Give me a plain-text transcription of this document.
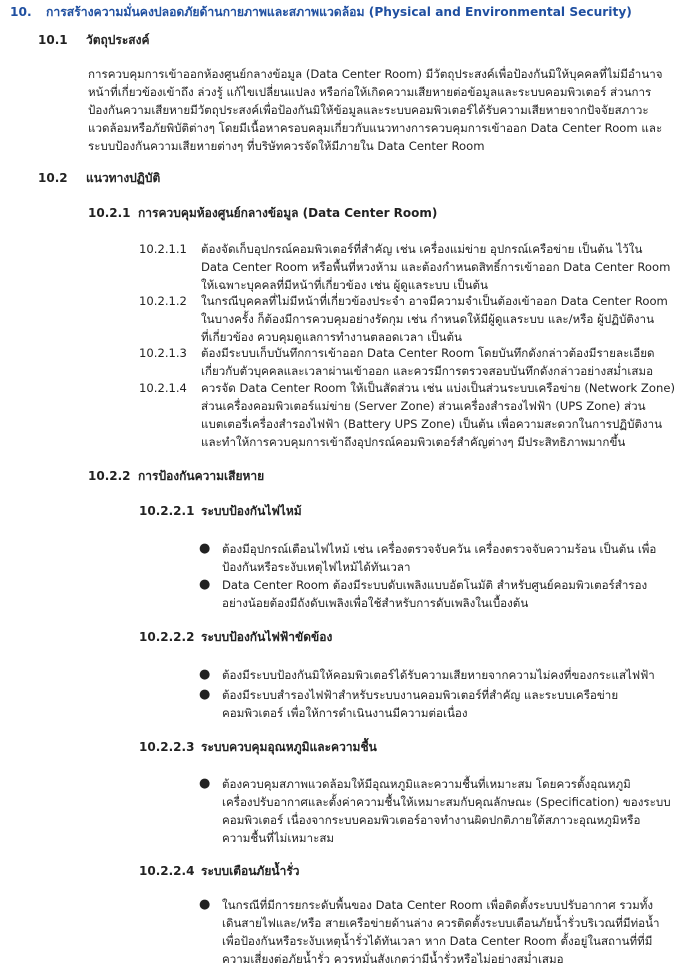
10. การสร้างความมั่นคงปลอดภัยด้านกายภาพและสภาพแวดล้อม (Physical and Environmental Security)
10.1 วัตถุประสงค์
การควบคุมการเข้าออกห้องศูนย์กลางข้อมูล (Data Center Room) มีวัตถุประสงค์เพื่อป้องกันมิให้บุคคลที่ไม่มีอำนาจ
หน้าที่เกี่ยวข้องเข้าถึง ล่วงรู้ แก้ไขเปลี่ยนแปลง หรือก่อให้เกิดความเสียหายต่อข้อมูลและระบบคอมพิวเตอร์ ส่วนการ
ป้องกันความเสียหายมีวัตถุประสงค์เพื่อป้องกันมิให้ข้อมูลและระบบคอมพิวเตอร์ได้รับความเสียหายจากปัจจัยสภาวะ
แวดล้อมหรือภัยพิบัติต่างๆ โดยมีเนื้อหาครอบคลุมเกี่ยวกับแนวทางการควบคุมการเข้าออก Data Center Room และ
ระบบป้องกันความเสียหายต่างๆ ที่บริษัทควรจัดให้มีภายใน Data Center Room
10.2 แนวทางปฏิบัติ
10.2.1 การควบคุมห้องศูนย์กลางข้อมูล (Data Center Room)
10.2.1.1	ต้องจัดเก็บอุปกรณ์คอมพิวเตอร์ที่สำคัญ เช่น เครื่องแม่ข่าย อุปกรณ์เครือข่าย เป็นต้น ไว้ใน
Data Center Room หรือพื้นที่หวงห้าม และต้องกำหนดสิทธิ์การเข้าออก Data Center Room
ให้เฉพาะบุคคลที่มีหน้าที่เกี่ยวข้อง เช่น ผู้ดูแลระบบ เป็นต้น
10.2.1.2	ในกรณีบุคคลที่ไม่มีหน้าที่เกี่ยวข้องประจำ อาจมีความจำเป็นต้องเข้าออก Data Center Room
ในบางครั้ง ก็ต้องมีการควบคุมอย่างรัดกุม เช่น กำหนดให้มีผู้ดูแลระบบ และ/หรือ ผู้ปฏิบัติงาน
ที่เกี่ยวข้อง ควบคุมดูแลการทำงานตลอดเวลา เป็นต้น
10.2.1.3	ต้องมีระบบเก็บบันทึกการเข้าออก Data Center Room โดยบันทึกดังกล่าวต้องมีรายละเอียด
เกี่ยวกับตัวบุคคลและเวลาผ่านเข้าออก และควรมีการตรวจสอบบันทึกดังกล่าวอย่างสม่ำเสมอ
10.2.1.4	ควรจัด Data Center Room ให้เป็นสัดส่วน เช่น แบ่งเป็นส่วนระบบเครือข่าย (Network Zone)
ส่วนเครื่องคอมพิวเตอร์แม่ข่าย (Server Zone) ส่วนเครื่องสำรองไฟฟ้า (UPS Zone) ส่วน
แบตเตอรี่เครื่องสำรองไฟฟ้า (Battery UPS Zone) เป็นต้น เพื่อความสะดวกในการปฏิบัติงาน
และทำให้การควบคุมการเข้าถึงอุปกรณ์คอมพิวเตอร์สำคัญต่างๆ มีประสิทธิภาพมากขึ้น
10.2.2 การป้องกันความเสียหาย
10.2.2.1 ระบบป้องกันไฟไหม้
● ต้องมีอุปกรณ์เตือนไฟไหม้ เช่น เครื่องตรวจจับควัน เครื่องตรวจจับความร้อน เป็นต้น เพื่อ
ป้องกันหรือระงับเหตุไฟไหม้ได้ทันเวลา
● Data Center Room ต้องมีระบบดับเพลิงแบบอัตโนมัติ สำหรับศูนย์คอมพิวเตอร์สำรอง
อย่างน้อยต้องมีถังดับเพลิงเพื่อใช้สำหรับการดับเพลิงในเบื้องต้น
10.2.2.2 ระบบป้องกันไฟฟ้าขัดข้อง
● ต้องมีระบบป้องกันมิให้คอมพิวเตอร์ได้รับความเสียหายจากความไม่คงที่ของกระแสไฟฟ้า
● ต้องมีระบบสำรองไฟฟ้าสำหรับระบบงานคอมพิวเตอร์ที่สำคัญ และระบบเครือข่าย
คอมพิวเตอร์ เพื่อให้การดำเนินงานมีความต่อเนื่อง
10.2.2.3 ระบบควบคุมอุณหภูมิและความชื้น
● ต้องควบคุมสภาพแวดล้อมให้มีอุณหภูมิและความชื้นที่เหมาะสม โดยควรตั้งอุณหภูมิ
เครื่องปรับอากาศและตั้งค่าความชื้นให้เหมาะสมกับคุณลักษณะ (Specification) ของระบบ
คอมพิวเตอร์ เนื่องจากระบบคอมพิวเตอร์อาจทำงานผิดปกติภายใต้สภาวะอุณหภูมิหรือ
ความชื้นที่ไม่เหมาะสม
10.2.2.4 ระบบเตือนภัยน้ำรั่ว
● ในกรณีที่มีการยกระดับพื้นของ Data Center Room เพื่อติดตั้งระบบปรับอากาศ รวมทั้ง
เดินสายไฟและ/หรือ สายเครือข่ายด้านล่าง ควรติดตั้งระบบเตือนภัยน้ำรั่วบริเวณที่มีท่อน้ำ
เพื่อป้องกันหรือระงับเหตุน้ำรั่วได้ทันเวลา หาก Data Center Room ตั้งอยู่ในสถานที่ที่มี
ความเสี่ยงต่อภัยน้ำรั่ว ควรหมั่นสังเกตว่ามีน้ำรั่วหรือไม่อย่างสม่ำเสมอ
